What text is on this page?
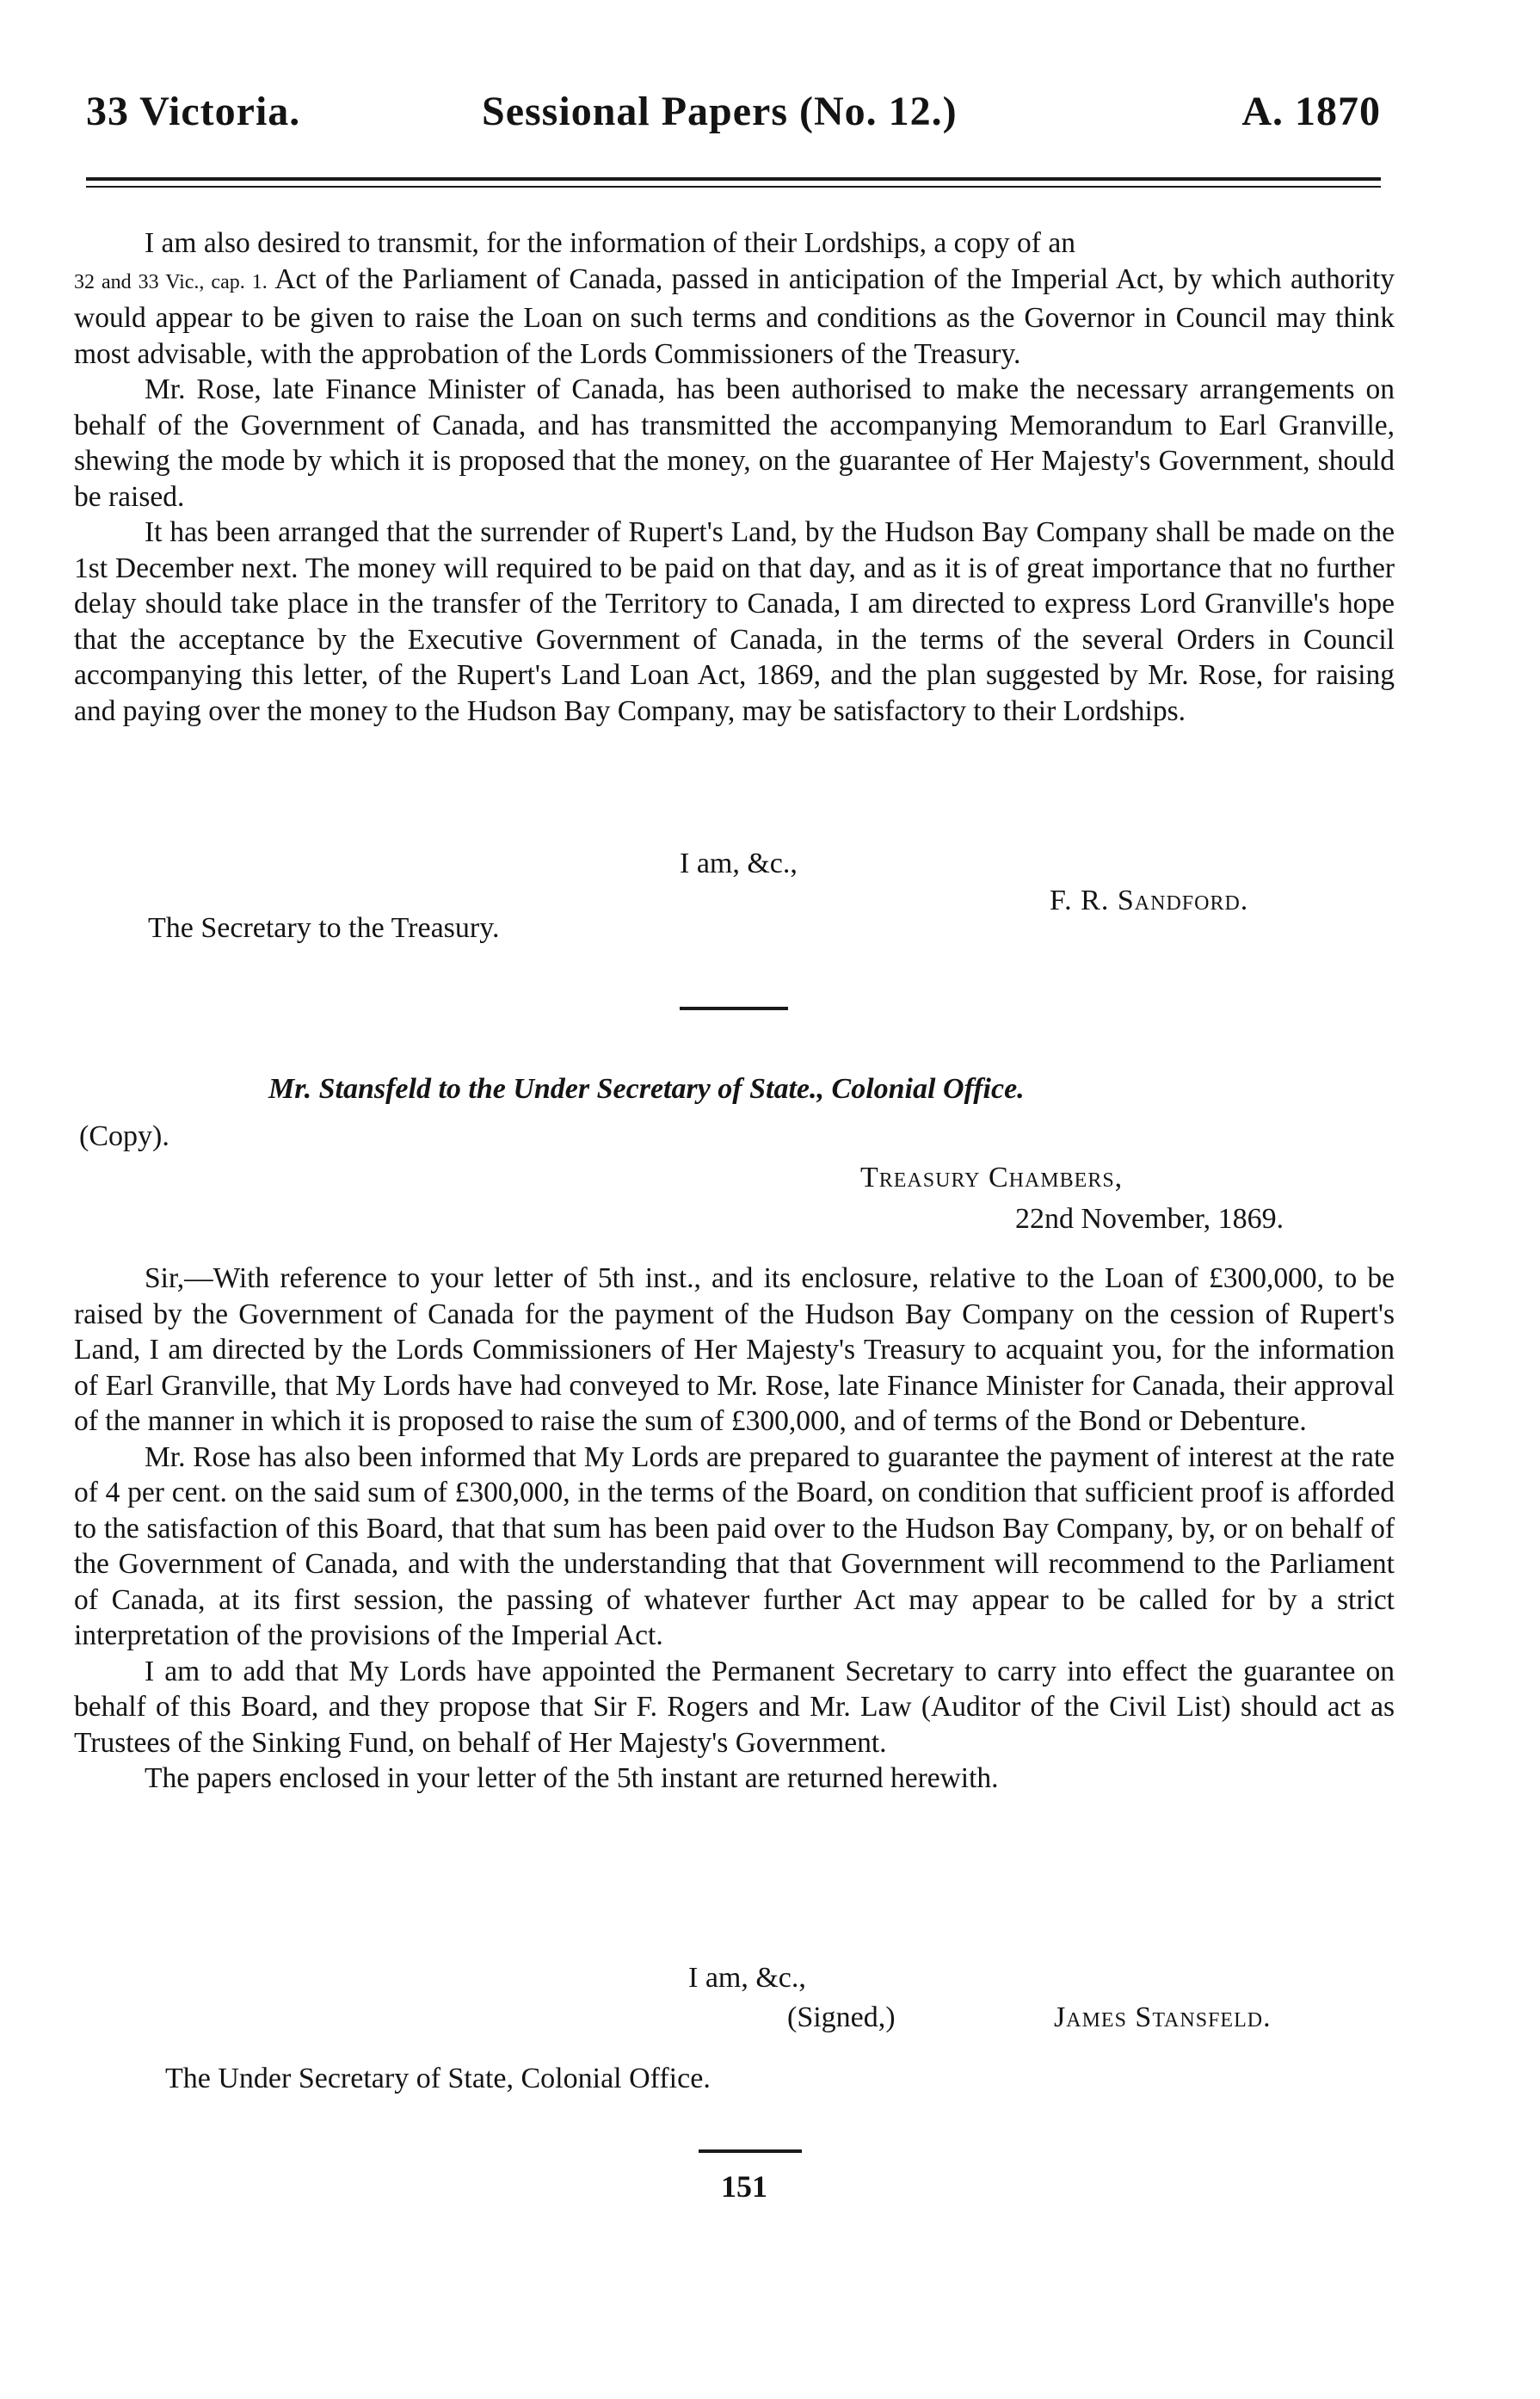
33 Victoria.	Sessional Papers (No. 12.)	A. 1870

I am also desired to transmit, for the information of their Lordships, a copy of an
32 and 33 Vic., cap. 1. Act of the Parliament of Canada, passed in anticipation of the Imperial Act, by which authority would appear to be given to raise the Loan on such terms and conditions as the Governor in Council may think most advisable, with the approbation of the Lords Commissioners of the Treasury.

Mr. Rose, late Finance Minister of Canada, has been authorised to make the necessary arrangements on behalf of the Government of Canada, and has transmitted the accompanying Memorandum to Earl Granville, shewing the mode by which it is proposed that the money, on the guarantee of Her Majesty's Government, should be raised.

It has been arranged that the surrender of Rupert's Land, by the Hudson Bay Company shall be made on the 1st December next. The money will required to be paid on that day, and as it is of great importance that no further delay should take place in the transfer of the Territory to Canada, I am directed to express Lord Granville's hope that the acceptance by the Executive Government of Canada, in the terms of the several Orders in Council accompanying this letter, of the Rupert's Land Loan Act, 1869, and the plan suggested by Mr. Rose, for raising and paying over the money to the Hudson Bay Company, may be satisfactory to their Lordships.

I am, &c.,
F. R. Sandford.
The Secretary to the Treasury.
Mr. Stansfeld to the Under Secretary of State., Colonial Office.
(Copy).
Treasury Chambers,
22nd November, 1869.

Sir,—With reference to your letter of 5th inst., and its enclosure, relative to the Loan of £300,000, to be raised by the Government of Canada for the payment of the Hudson Bay Company on the cession of Rupert's Land, I am directed by the Lords Commissioners of Her Majesty's Treasury to acquaint you, for the information of Earl Granville, that My Lords have had conveyed to Mr. Rose, late Finance Minister for Canada, their approval of the manner in which it is proposed to raise the sum of £300,000, and of terms of the Bond or Debenture.

Mr. Rose has also been informed that My Lords are prepared to guarantee the payment of interest at the rate of 4 per cent. on the said sum of £300,000, in the terms of the Board, on condition that sufficient proof is afforded to the satisfaction of this Board, that that sum has been paid over to the Hudson Bay Company, by, or on behalf of the Government of Canada, and with the understanding that that Government will recommend to the Parliament of Canada, at its first session, the passing of whatever further Act may appear to be called for by a strict interpretation of the provisions of the Imperial Act.

I am to add that My Lords have appointed the Permanent Secretary to carry into effect the guarantee on behalf of this Board, and they propose that Sir F. Rogers and Mr. Law (Auditor of the Civil List) should act as Trustees of the Sinking Fund, on behalf of Her Majesty's Government.

The papers enclosed in your letter of the 5th instant are returned herewith.

I am, &c.,
(Signed,)	James Stansfeld.
The Under Secretary of State, Colonial Office.
151
